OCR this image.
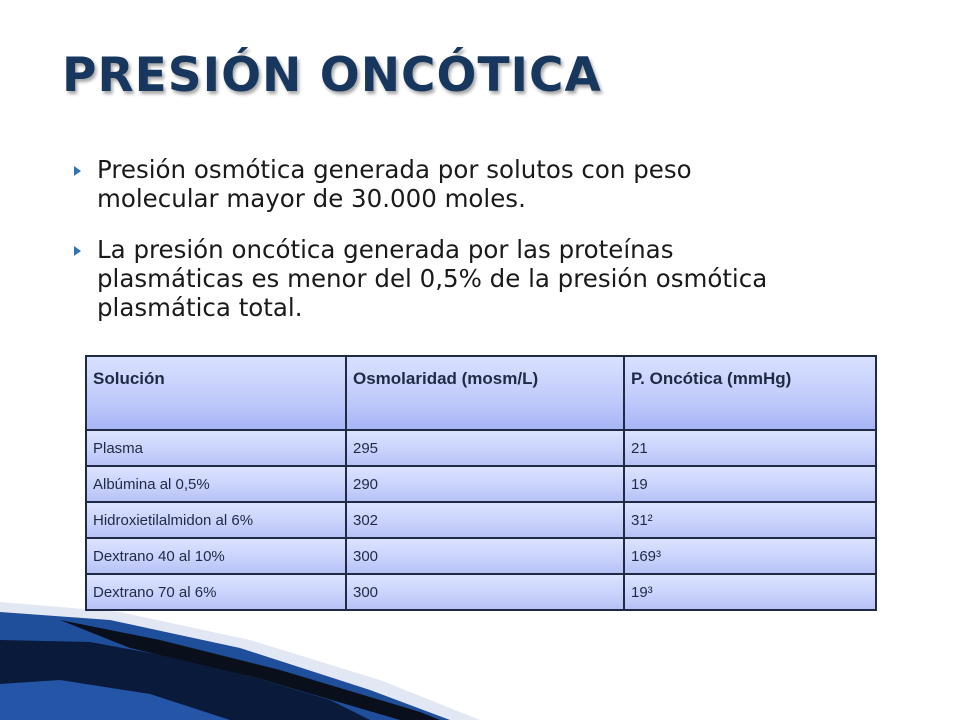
PRESIÓN ONCÓTICA
Presión osmótica generada por solutos con peso
molecular mayor de 30.000 moles.
La presión oncótica generada por las proteínas
plasmáticas es menor del 0,5% de la presión osmótica
plasmática total.
Solución	Osmolaridad (mosm/L)	P. Oncótica (mmHg)
Plasma	295	21
Albúmina al 0,5%	290	19
Hidroxietilalmidon al 6%	302	31²
Dextrano 40 al 10%	300	169³
Dextrano 70 al 6%	300	19³
